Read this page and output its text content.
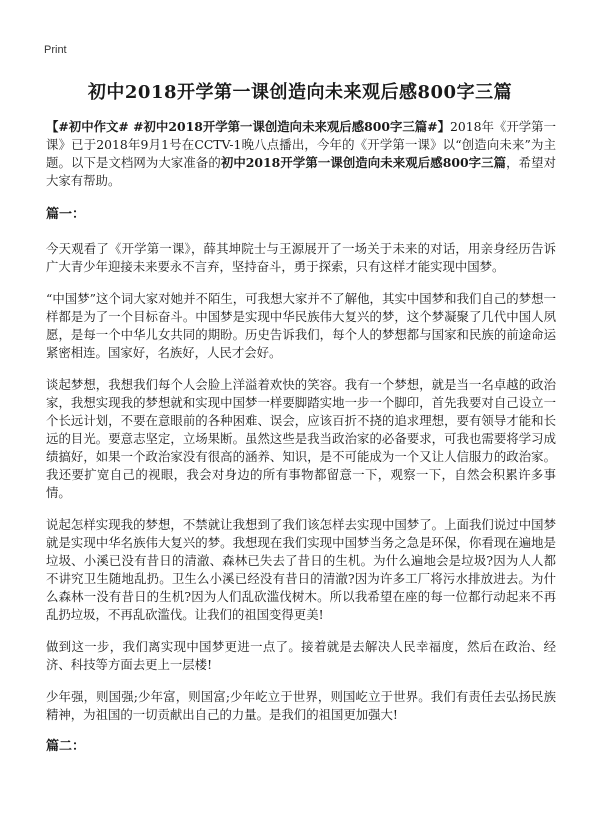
Print
初中2018开学第一课创造向未来观后感800字三篇

【#初中作文# #初中2018开学第一课创造向未来观后感800字三篇#】2018年《开学第一课》已于2018年9月1号在CCTV-1晚八点播出，今年的《开学第一课》以“创造向未来”为主题。以下是文档网为大家准备的初中2018开学第一课创造向未来观后感800字三篇，希望对大家有帮助。

篇一：

今天观看了《开学第一课》，薛其坤院士与王源展开了一场关于未来的对话，用亲身经历告诉广大青少年迎接未来要永不言弃，坚持奋斗，勇于探索，只有这样才能实现中国梦。

“中国梦”这个词大家对她并不陌生，可我想大家并不了解他，其实中国梦和我们自己的梦想一样都是为了一个目标奋斗。中国梦是实现中华民族伟大复兴的梦，这个梦凝聚了几代中国人夙愿，是每一个中华儿女共同的期盼。历史告诉我们，每个人的梦想都与国家和民族的前途命运紧密相连。国家好，名族好，人民才会好。

谈起梦想，我想我们每个人会脸上洋溢着欢快的笑容。我有一个梦想，就是当一名卓越的政治家，我想实现我的梦想就和实现中国梦一样要脚踏实地一步一个脚印，首先我要对自己设立一个长远计划，不要在意眼前的各种困难、误会，应该百折不挠的追求理想，要有领导才能和长远的目光。要意志坚定，立场果断。虽然这些是我当政治家的必备要求，可我也需要将学习成绩搞好，如果一个政治家没有很高的涵养、知识，是不可能成为一个又让人信服力的政治家。我还要扩宽自己的视眼，我会对身边的所有事物都留意一下，观察一下，自然会积累许多事情。

说起怎样实现我的梦想，不禁就让我想到了我们该怎样去实现中国梦了。上面我们说过中国梦就是实现中华名族伟大复兴的梦。我想现在我们实现中国梦当务之急是环保，你看现在遍地是垃圾、小溪已没有昔日的清澈、森林已失去了昔日的生机。为什么遍地会是垃圾?因为人人都不讲究卫生随地乱扔。卫生么小溪已经没有昔日的清澈?因为许多工厂将污水排放进去。为什么森林一没有昔日的生机?因为人们乱砍滥伐树木。所以我希望在座的每一位都行动起来不再乱扔垃圾，不再乱砍滥伐。让我们的祖国变得更美!

做到这一步，我们离实现中国梦更进一点了。接着就是去解决人民幸福度，然后在政治、经济、科技等方面去更上一层楼!

少年强，则国强;少年富，则国富;少年屹立于世界，则国屹立于世界。我们有责任去弘扬民族精神，为祖国的一切贡献出自己的力量。是我们的祖国更加强大!

篇二：
